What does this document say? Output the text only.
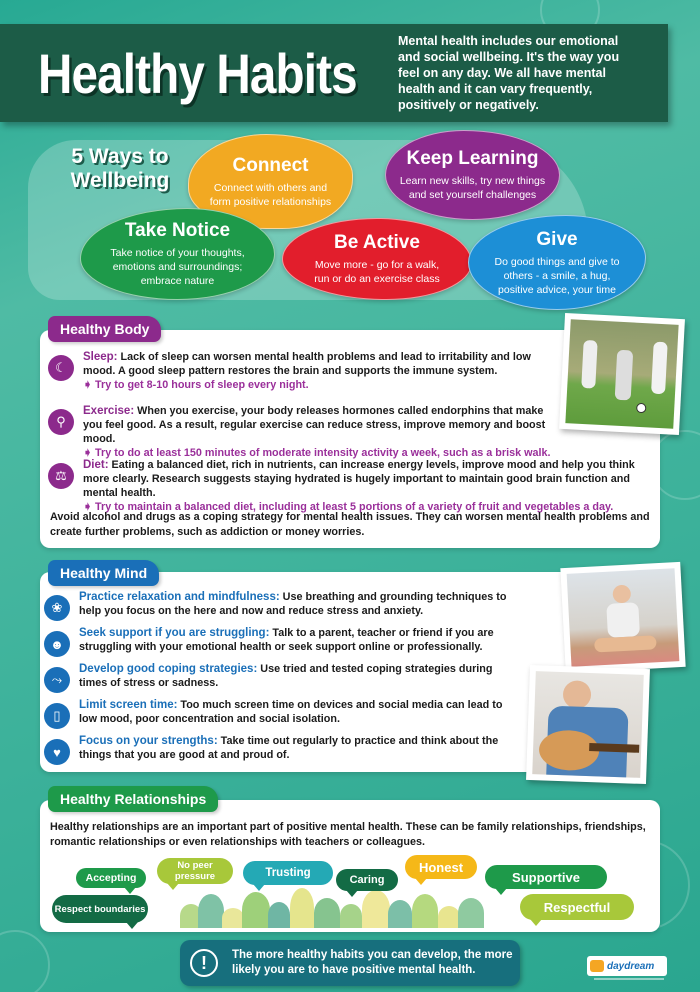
Healthy Habits
Mental health includes our emotional and social wellbeing. It's the way you feel on any day. We all have mental health and it can vary frequently, positively or negatively.
5 Ways to Wellbeing
Connect
Connect with others and form positive relationships
Keep Learning
Learn new skills, try new things and set yourself challenges
Take Notice
Take notice of your thoughts, emotions and surroundings; embrace nature
Be Active
Move more - go for a walk, run or do an exercise class
Give
Do good things and give to others - a smile, a hug, positive advice, your time
☾
Sleep: Lack of sleep can worsen mental health problems and lead to irritability and low mood. A good sleep pattern restores the brain and supports the immune system.
➧ Try to get 8-10 hours of sleep every night.
⚲
Exercise: When you exercise, your body releases hormones called endorphins that make you feel good. As a result, regular exercise can reduce stress, improve memory and boost mood.
➧ Try to do at least 150 minutes of moderate intensity activity a week, such as a brisk walk.
⚖
Diet: Eating a balanced diet, rich in nutrients, can increase energy levels, improve mood and help you think more clearly. Research suggests staying hydrated is hugely important to maintain good brain function and mental health.
➧ Try to maintain a balanced diet, including at least 5 portions of a variety of fruit and vegetables a day.
Avoid alcohol and drugs as a coping strategy for mental health issues. They can worsen mental health problems and create further problems, such as addiction or money worries.
Healthy Body
❀
Practice relaxation and mindfulness: Use breathing and grounding techniques to help you focus on the here and now and reduce stress and anxiety.
☻
Seek support if you are struggling: Talk to a parent, teacher or friend if you are struggling with your emotional health or seek support online or professionally.
⤳
Develop good coping strategies: Use tried and tested coping strategies during times of stress or sadness.
▯
Limit screen time: Too much screen time on devices and social media can lead to low mood, poor concentration and social isolation.
♥
Focus on your strengths: Take time out regularly to practice and think about the things that you are good at and proud of.
Healthy Mind
Healthy relationships are an important part of positive mental health. These can be family relationships, friendships, romantic relationships or even relationships with teachers or colleagues.
Healthy Relationships
Accepting
No peer pressure	Trusting
Caring
Honest
Supportive
Respect boundaries	Respectful
!	The more healthy habits you can develop, the more likely you are to have positive mental health.	daydream
